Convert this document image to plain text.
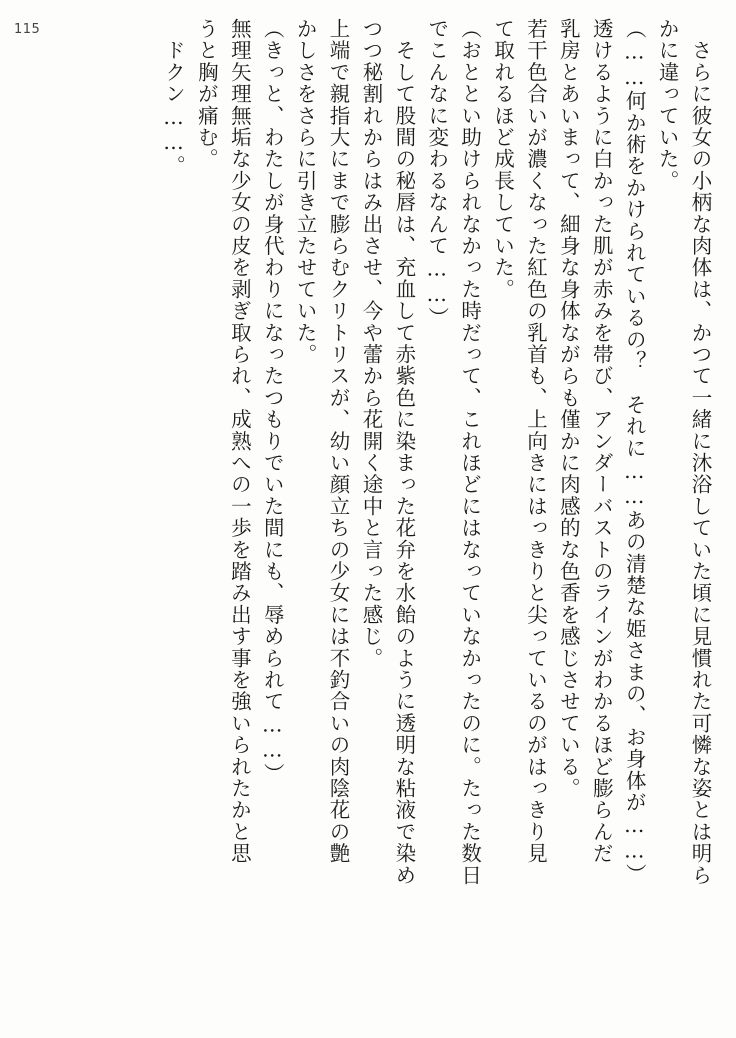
115	　さらに彼女の小柄な肉体は、かつて一緒に沐浴していた頃に見慣れた可憐な姿とは明ら
かに違っていた。
（……何か術をかけられているの？　それに……あの清楚な姫さまの、お身体が……）
透けるように白かった肌が赤みを帯び、アンダーバストのラインがわかるほど膨らんだ
乳房とあいまって、細身な身体ながらも僅かに肉感的な色香を感じさせている。
若干色合いが濃くなった紅色の乳首も、上向きにはっきりと尖っているのがはっきり見
て取れるほど成長していた。
（おととい助けられなかった時だって、これほどにはなっていなかったのに。たった数日
でこんなに変わるなんて……）
　そして股間の秘唇は、充血して赤紫色に染まった花弁を水飴のように透明な粘液で染め
つつ秘割れからはみ出させ、今や蕾から花開く途中と言った感じ。
上端で親指大にまで膨らむクリトリスが、幼い顔立ちの少女には不釣合いの肉陰花の艶
かしさをさらに引き立たせていた。
（きっと、わたしが身代わりになったつもりでいた間にも、辱められて……）
無理矢理無垢な少女の皮を剥ぎ取られ、成熟への一歩を踏み出す事を強いられたかと思
うと胸が痛む。
　ドクン……。
